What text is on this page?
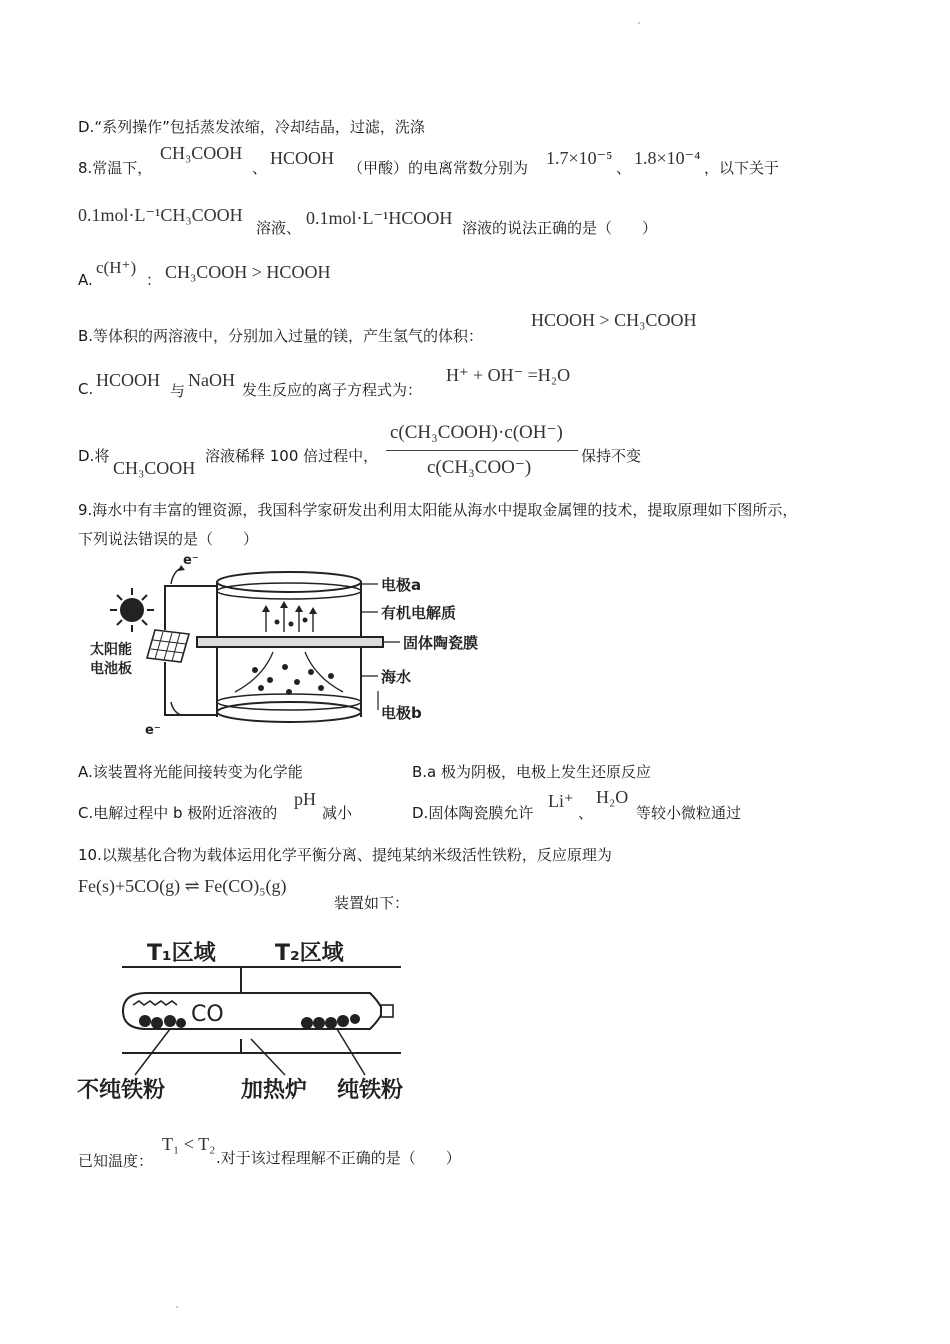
D.“系列操作”包括蒸发浓缩，冷却结晶，过滤，洗涤
8.常温下，
CH₃COOH
、 HCOOH （甲酸）的电离常数分别为 1.7×10⁻⁵ 、 1.8×10⁻⁴ ，以下关于
0.1mol·L⁻¹CH₃COOH
溶液、 0.1mol·L⁻¹HCOOH 溶液的说法正确的是（　　）
A.
c(H⁺)
： CH₃COOH > HCOOH
B.等体积的两溶液中，分别加入过量的镁，产生氢气的体积：
HCOOH > CH₃COOH
C. HCOOH
与
NaOH 发生反应的离子方程式为：
H⁺ + OH⁻ =H₂O
D.将
CH₃COOH
溶液稀释 100 倍过程中，
c(CH₃COOH)·c(OH⁻)
c(CH₃COO⁻)
保持不变
9.海水中有丰富的锂资源，我国科学家研发出利用太阳能从海水中提取金属锂的技术，提取原理如下图所示，
下列说法错误的是（　　）
e⁻
e⁻
太阳能
电池板
电极a
有机电解质
固体陶瓷膜
海水
电极b
A.该装置将光能间接转变为化学能	B.a 极为阴极，电极上发生还原反应
C.电解过程中 b 极附近溶液的
pH
减小	D.固体陶瓷膜允许
Li⁺
、
H₂O
等较小微粒通过
10.以羰基化合物为载体运用化学平衡分离、提纯某纳米级活性铁粉，反应原理为
Fe(s)+5CO(g) ⇌ Fe(CO)₅(g)
装置如下：
T₁区域	T₂区域
CO
不纯铁粉	加热炉 纯铁粉
已知温度：
T₁ < T₂
.对于该过程理解不正确的是（　　）
